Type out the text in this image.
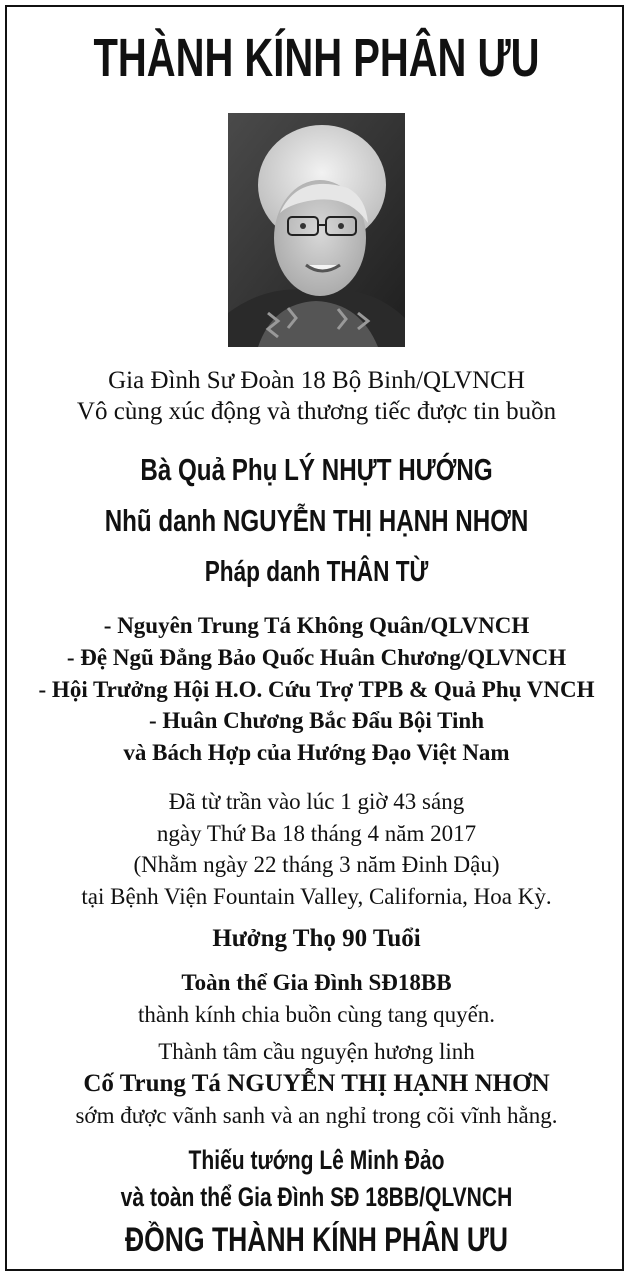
THÀNH KÍNH PHÂN ƯU
Gia Đình Sư Đoàn 18 Bộ Binh/QLVNCH
Vô cùng xúc động và thương tiếc được tin buồn
Bà Quả Phụ LÝ NHỰT HƯỚNG
Nhũ danh NGUYỄN THỊ HẠNH NHƠN
Pháp danh THÂN TỪ
- Nguyên Trung Tá Không Quân/QLVNCH
- Đệ Ngũ Đẳng Bảo Quốc Huân Chương/QLVNCH
- Hội Trưởng Hội H.O. Cứu Trợ TPB & Quả Phụ VNCH
- Huân Chương Bắc Đẩu Bội Tinh
và Bách Hợp của Hướng Đạo Việt Nam
Đã từ trần vào lúc 1 giờ 43 sáng
ngày Thứ Ba 18 tháng 4 năm 2017
(Nhằm ngày 22 tháng 3 năm Đinh Dậu)
tại Bệnh Viện Fountain Valley, California, Hoa Kỳ.
Hưởng Thọ 90 Tuổi
Toàn thể Gia Đình SĐ18BB
thành kính chia buồn cùng tang quyến.
Thành tâm cầu nguyện hương linh
Cố Trung Tá NGUYỄN THỊ HẠNH NHƠN
sớm được vãnh sanh và an nghỉ trong cõi vĩnh hằng.
Thiếu tướng Lê Minh Đảo
và toàn thể Gia Đình SĐ 18BB/QLVNCH
ĐỒNG THÀNH KÍNH PHÂN ƯU
